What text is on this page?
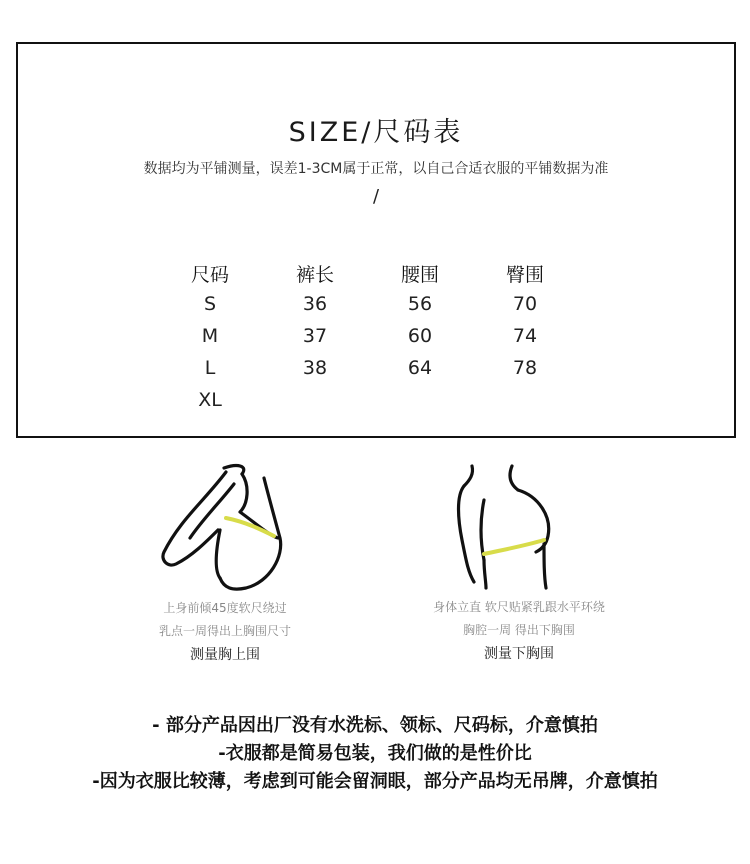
SIZE/尺码表
数据均为平铺测量，误差1-3CM属于正常，以自己合适衣服的平铺数据为准
/
尺码	裤长	腰围	臀围
S	36	56	70
M	37	60	74
L	38	64	78
XL
上身前倾45度软尺绕过
乳点一周得出上胸围尺寸
测量胸上围
身体立直 软尺贴紧乳跟水平环绕
胸腔一周 得出下胸围
测量下胸围
- 部分产品因出厂没有水洗标、领标、尺码标，介意慎拍
-衣服都是简易包装，我们做的是性价比
-因为衣服比较薄，考虑到可能会留洞眼，部分产品均无吊牌，介意慎拍
